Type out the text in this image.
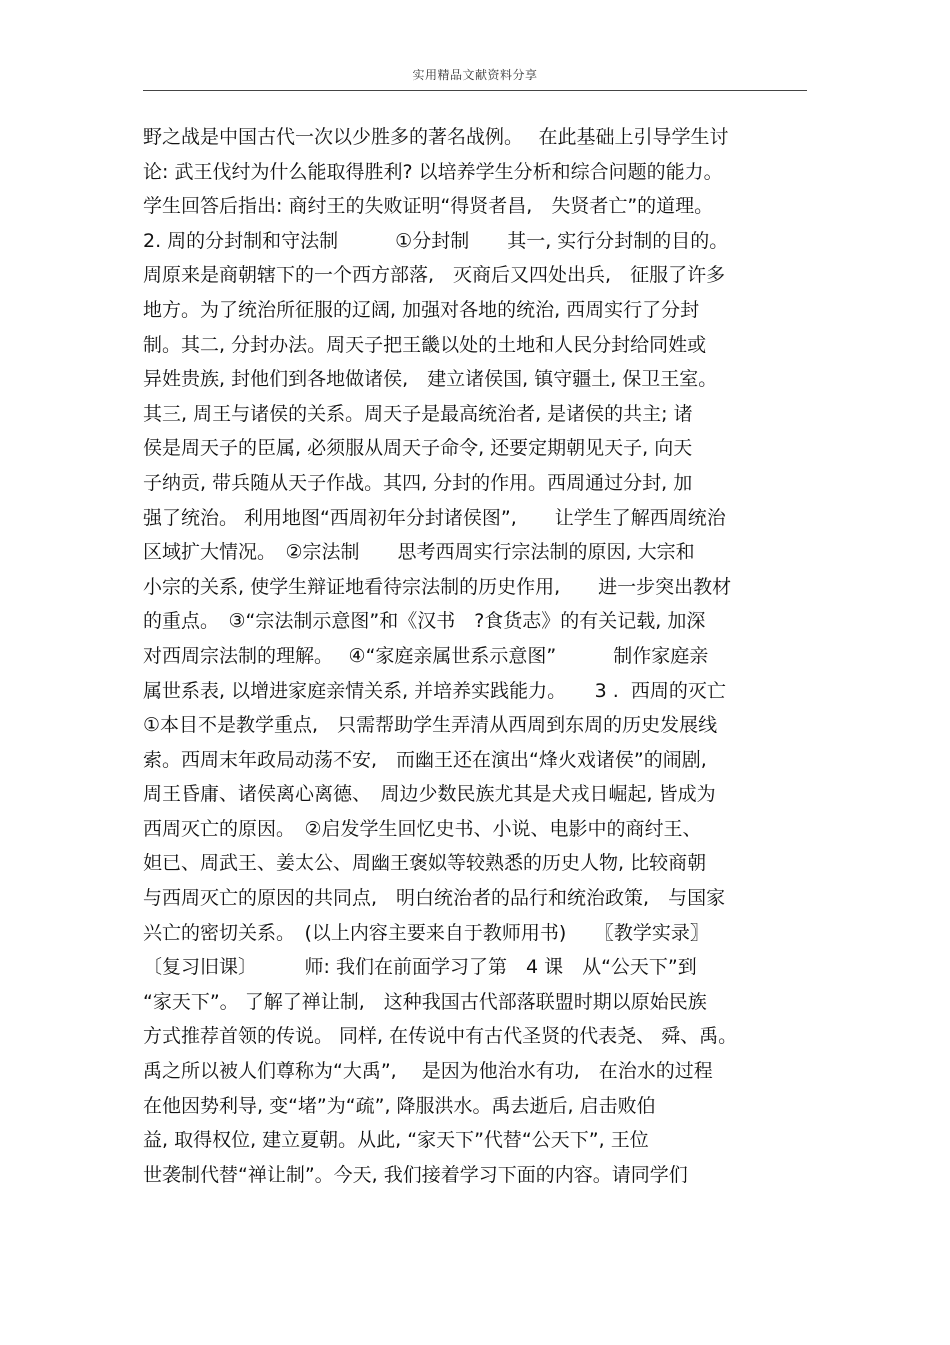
实用精品文献资料分享
野之战是中国古代一次以少胜多的著名战例。　 在此基础上引导学生讨
论: 武王伐纣为什么能取得胜利? 以培养学生分析和综合问题的能力。
学生回答后指出: 商纣王的失败证明“得贤者昌,　失贤者亡”的道理。
2. 周的分封制和守法制　　　①分封制　　其一, 实行分封制的目的。
周原来是商朝辖下的一个西方部落,　灭商后又四处出兵,　征服了许多
地方。为了统治所征服的辽阔, 加强对各地的统治, 西周实行了分封
制。其二, 分封办法。周天子把王畿以处的土地和人民分封给同姓或
异姓贵族, 封他们到各地做诸侯,　建立诸侯国, 镇守疆土, 保卫王室。
其三, 周王与诸侯的关系。周天子是最高统治者, 是诸侯的共主; 诸
侯是周天子的臣属, 必须服从周天子命令, 还要定期朝见天子, 向天
子纳贡, 带兵随从天子作战。其四, 分封的作用。西周通过分封, 加
强了统治。 利用地图“西周初年分封诸侯图”,　　让学生了解西周统治
区域扩大情况。　②宗法制　　思考西周实行宗法制的原因, 大宗和
小宗的关系, 使学生辩证地看待宗法制的历史作用,　　进一步突出教材
的重点。　③“宗法制示意图”和《汉书　?食货志》的有关记载, 加深
对西周宗法制的理解。　 ④“家庭亲属世系示意图”　　　制作家庭亲
属世系表, 以增进家庭亲情关系, 并培养实践能力。　　3 .  西周的灭亡
①本目不是教学重点,　只需帮助学生弄清从西周到东周的历史发展线
索。西周末年政局动荡不安,　而幽王还在演出“烽火戏诸侯”的闹剧,
周王昏庸、诸侯离心离德、　周边少数民族尤其是犬戎日崛起, 皆成为
西周灭亡的原因。　②启发学生回忆史书、小说、电影中的商纣王、
妲已、周武王、姜太公、周幽王褒姒等较熟悉的历史人物, 比较商朝
与西周灭亡的原因的共同点,　明白统治者的品行和统治政策,　与国家
兴亡的密切关系。　(以上内容主要来自于教师用书)　　〖教学实录〗
〔复习旧课〕　　　师: 我们在前面学习了第　4 课　从“公天下”到
“家天下”。 了解了禅让制,　这种我国古代部落联盟时期以原始民族
方式推荐首领的传说。 同样, 在传说中有古代圣贤的代表尧、 舜、禹。
禹之所以被人们尊称为“大禹”,　 是因为他治水有功,　在治水的过程
在他因势利导, 变“堵”为“疏”, 降服洪水。禹去逝后, 启击败伯
益, 取得权位, 建立夏朝。从此, “家天下”代替“公天下”, 王位
世袭制代替“禅让制”。今天, 我们接着学习下面的内容。请同学们
